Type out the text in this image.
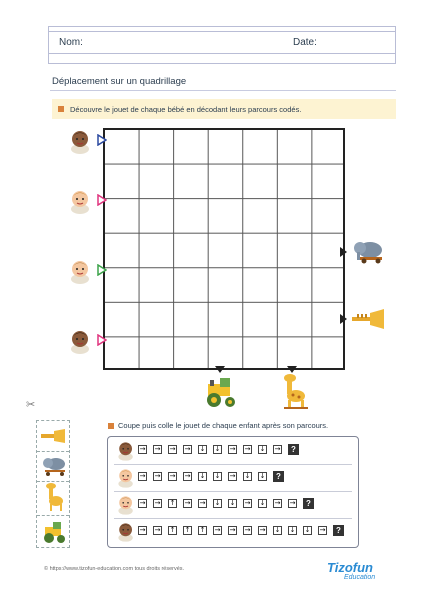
Nom:	Date:
Déplacement sur un quadrillage
Découvre le jouet de chaque bébé en décodant leurs parcours codés.
✂
Coupe puis colle le jouet de chaque enfant après son parcours.
→ → → → ↓ ↓ → → ↓ →	?
→ → → → ↓ ↓ → ↓ ↓	?
→ → ↑ → → ↓ ↓ → ↓ → →	?
→ → ↑ ↑ ↑ → → → → ↓ ↓ ↓ →	?
© https://www.tizofun-education.com tous droits réservés.	Tizofun
Education
